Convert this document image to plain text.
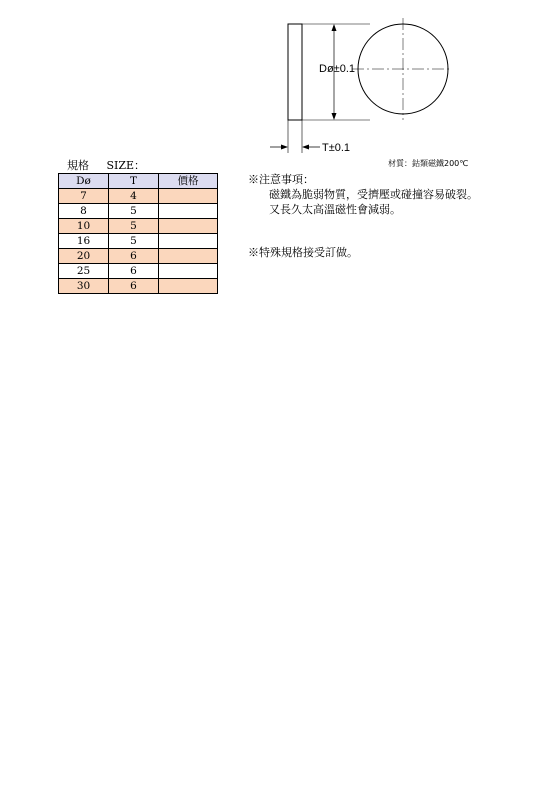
Dø±0.1
T±0.1
規格 SIZE：	材質：鈷類磁鐵200℃
Dø	T	價格
7	4	
8	5	
10	5	
16	5	
20	6	
25	6	
30	6	
※注意事項：
磁鐵為脆弱物質，受擠壓或碰撞容易破裂。
又長久太高溫磁性會減弱。
※特殊規格接受訂做。
